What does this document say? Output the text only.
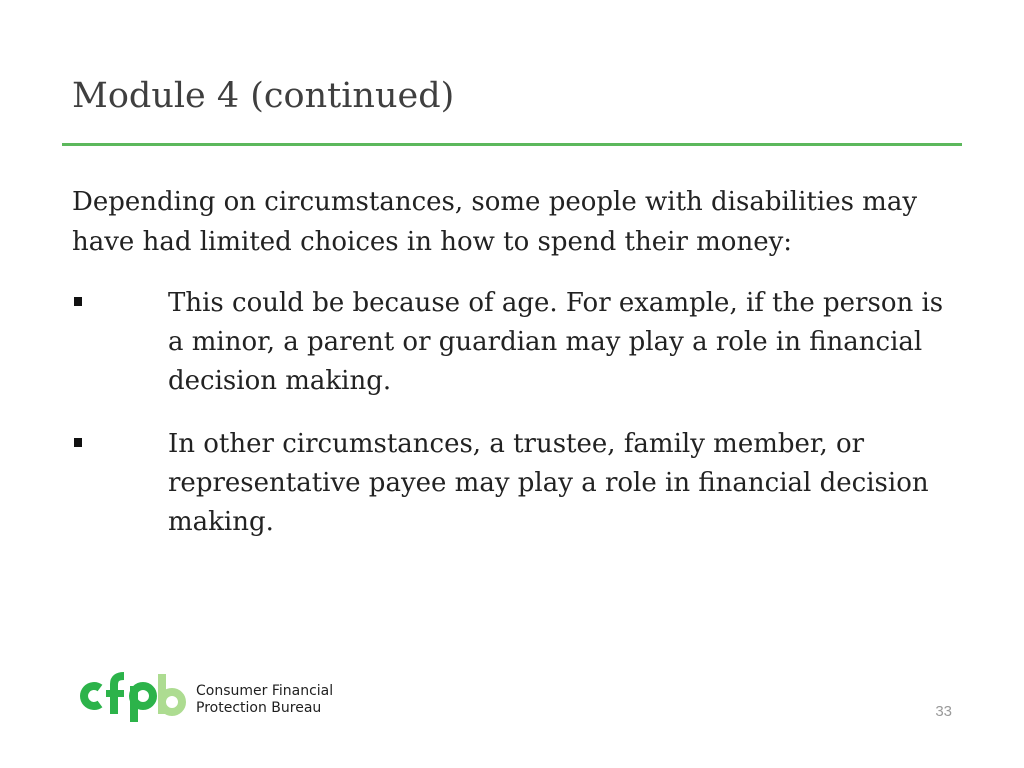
Module 4 (continued)

Depending on circumstances, some people with disabilities may have had limited choices in how to spend their money:

This could be because of age. For example, if the person is a minor, a parent or guardian may play a role in financial decision making.
In other circumstances, a trustee, family member, or representative payee may play a role in financial decision making.
Consumer Financial
Protection Bureau	33
